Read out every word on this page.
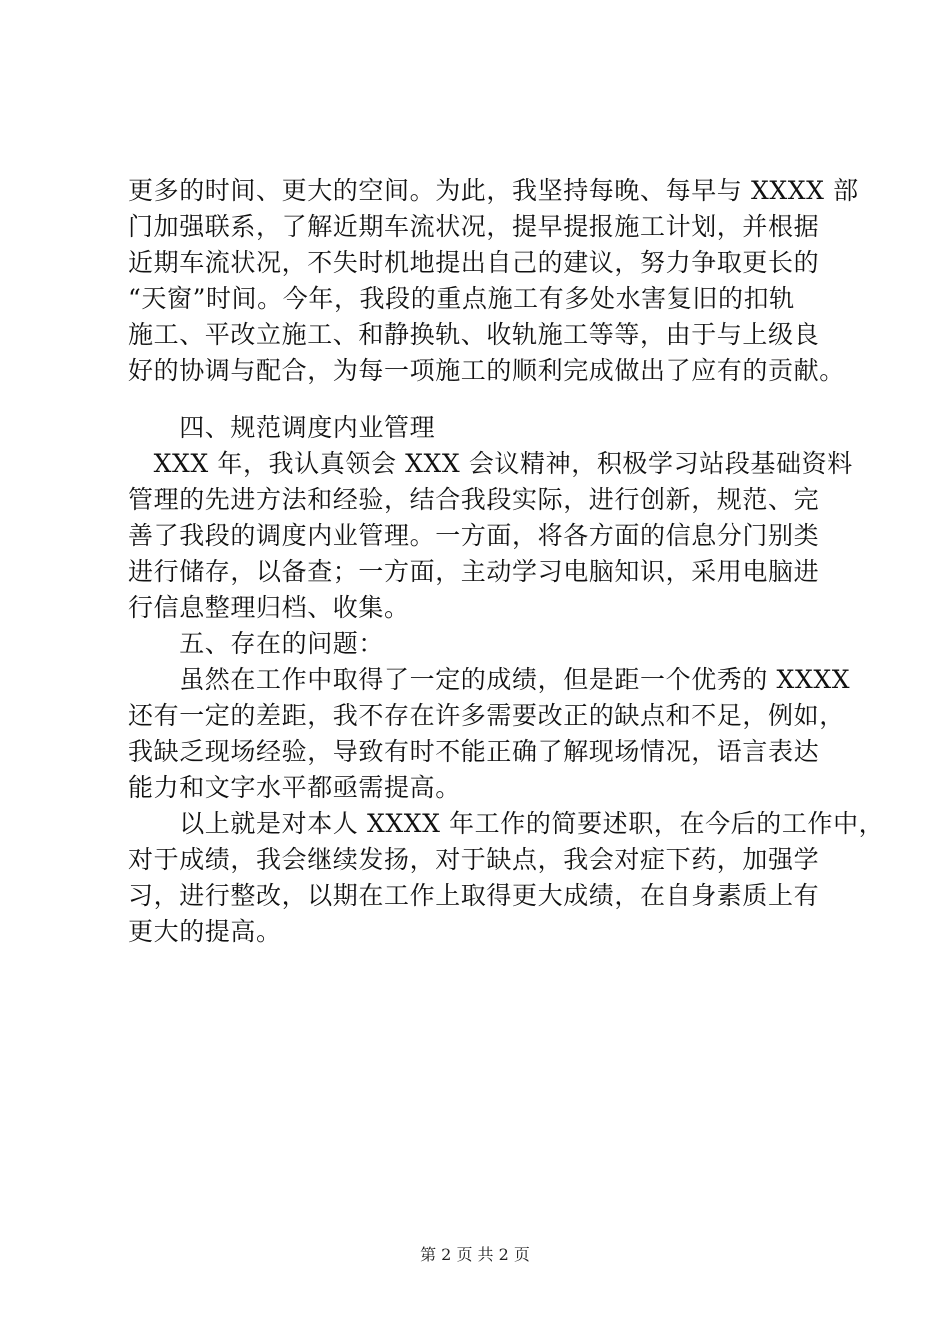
更多的时间、更大的空间。为此，我坚持每晚、每早与 XXXX 部
门加强联系，了解近期车流状况，提早提报施工计划，并根据
近期车流状况，不失时机地提出自己的建议，努力争取更长的
“天窗”时间。今年，我段的重点施工有多处水害复旧的扣轨
施工、平改立施工、和静换轨、收轨施工等等，由于与上级良
好的协调与配合，为每一项施工的顺利完成做出了应有的贡献。
　　四、规范调度内业管理
　XXX 年，我认真领会 XXX 会议精神，积极学习站段基础资料
管理的先进方法和经验，结合我段实际，进行创新，规范、完
善了我段的调度内业管理。一方面，将各方面的信息分门别类
进行储存，以备查；一方面，主动学习电脑知识，采用电脑进
行信息整理归档、收集。
　　五、存在的问题：
　　虽然在工作中取得了一定的成绩，但是距一个优秀的 XXXX
还有一定的差距，我不存在许多需要改正的缺点和不足，例如，
我缺乏现场经验，导致有时不能正确了解现场情况，语言表达
能力和文字水平都亟需提高。
　　以上就是对本人 XXXX 年工作的简要述职，在今后的工作中，
对于成绩，我会继续发扬，对于缺点，我会对症下药，加强学
习，进行整改，以期在工作上取得更大成绩，在自身素质上有
更大的提高。
第 2 页 共 2 页
